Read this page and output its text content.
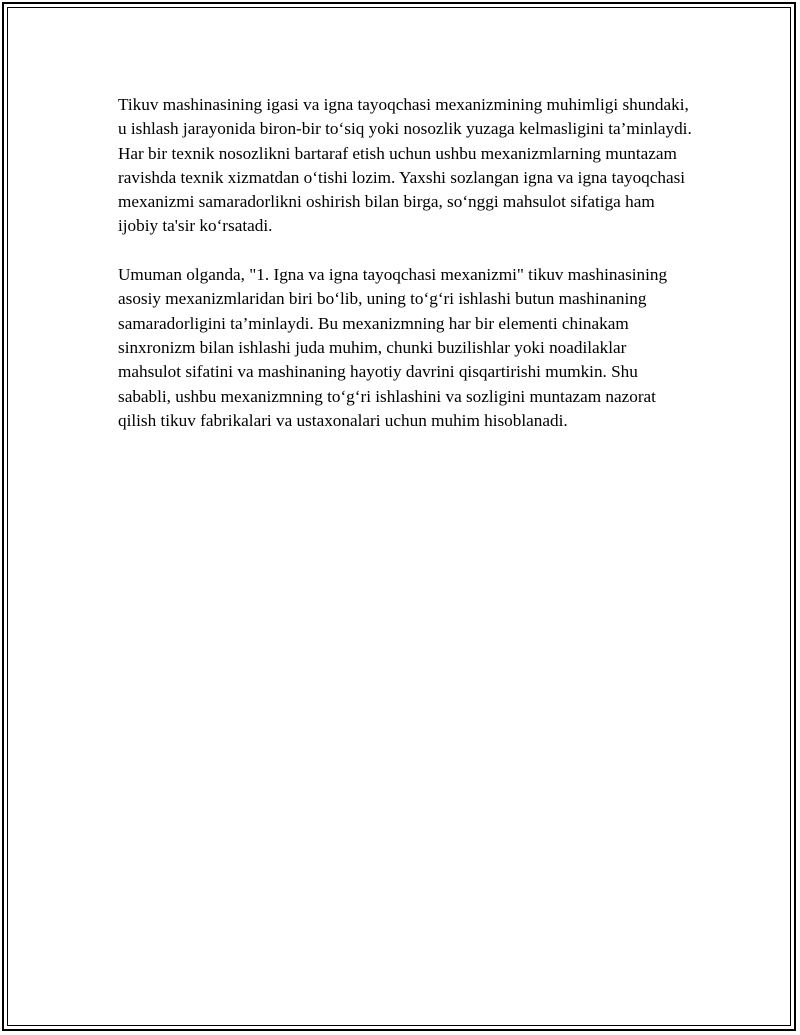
Tikuv mashinasining igasi va igna tayoqchasi mexanizmining muhimligi shundaki, u ishlash jarayonida biron-bir to‘siq yoki nosozlik yuzaga kelmasligini ta’minlaydi. Har bir texnik nosozlikni bartaraf etish uchun ushbu mexanizmlarning muntazam ravishda texnik xizmatdan o‘tishi lozim. Yaxshi sozlangan igna va igna tayoqchasi mexanizmi samaradorlikni oshirish bilan birga, so‘nggi mahsulot sifatiga ham ijobiy ta'sir ko‘rsatadi.

Umuman olganda, "1. Igna va igna tayoqchasi mexanizmi" tikuv mashinasining asosiy mexanizmlaridan biri bo‘lib, uning to‘g‘ri ishlashi butun mashinaning samaradorligini ta’minlaydi. Bu mexanizmning har bir elementi chinakam sinxronizm bilan ishlashi juda muhim, chunki buzilishlar yoki noadilaklar mahsulot sifatini va mashinaning hayotiy davrini qisqartirishi mumkin. Shu sababli, ushbu mexanizmning to‘g‘ri ishlashini va sozligini muntazam nazorat qilish tikuv fabrikalari va ustaxonalari uchun muhim hisoblanadi.
